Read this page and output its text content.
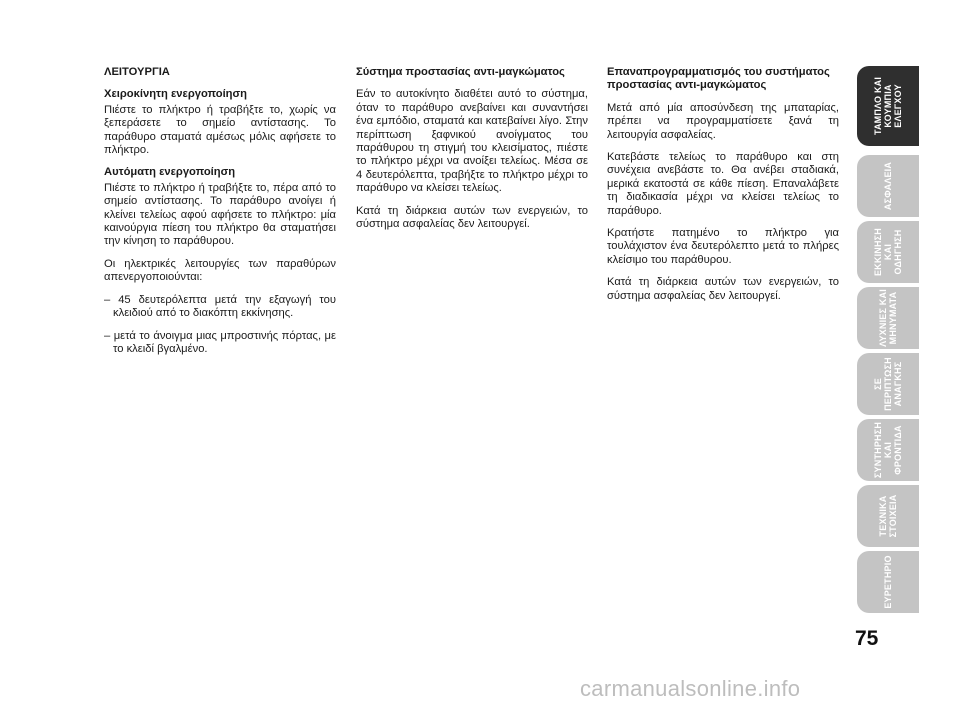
ΛΕΙΤΟΥΡΓΙΑ
Χειροκίνητη ενεργοποίηση

Πιέστε το πλήκτρο ή τραβήξτε το, χωρίς να ξεπεράσετε το σημείο αντίστασης. Το παράθυρο σταματά αμέσως μόλις αφήσετε το πλήκτρο.

Αυτόματη ενεργοποίηση

Πιέστε το πλήκτρο ή τραβήξτε το, πέρα από το σημείο αντίστασης. Το παράθυρο ανοίγει ή κλείνει τελείως αφού αφήσετε το πλήκτρο: μία καινούργια πίεση του πλήκτρο θα σταματήσει την κίνηση το παράθυρου.

Οι ηλεκτρικές λειτουργίες των παραθύρων απενεργοποιούνται:

– 45 δευτερόλεπτα μετά την εξαγωγή του κλειδιού από το διακόπτη εκκίνησης.

– μετά το άνοιγμα μιας μπροστινής πόρτας, με το κλειδί βγαλμένο.

Σύστημα προστασίας αντι-μαγκώματος

Εάν το αυτοκίνητο διαθέτει αυτό το σύστημα, όταν το παράθυρο ανεβαίνει και συναντήσει ένα εμπόδιο, σταματά και κατεβαίνει λίγο. Στην περίπτωση ξαφνικού ανοίγματος του παράθυρου τη στιγμή του κλεισίματος, πιέστε το πλήκτρο μέχρι να ανοίξει τελείως. Μέσα σε 4 δευτερόλεπτα, τραβήξτε το πλήκτρο μέχρι το παράθυρο να κλείσει τελείως.

Κατά τη διάρκεια αυτών των ενεργειών, το σύστημα ασφαλείας δεν λειτουργεί.

Επαναπρογραμματισμός του συστήματος προστασίας αντι-μαγκώματος

Μετά από μία αποσύνδεση της μπαταρίας, πρέπει να προγραμματίσετε ξανά τη λειτουργία ασφαλείας.

Κατεβάστε τελείως το παράθυρο και στη συνέχεια ανεβάστε το. Θα ανέβει σταδιακά, μερικά εκατοστά σε κάθε πίεση. Επαναλάβετε τη διαδικασία μέχρι να κλείσει τελείως το παράθυρο.

Κρατήστε πατημένο το πλήκτρο για τουλάχιστον ένα δευτερόλεπτο μετά το πλήρες κλείσιμο του παράθυρου.

Κατά τη διάρκεια αυτών των ενεργειών, το σύστημα ασφαλείας δεν λειτουργεί.

ΤΑΜΠΛΟ ΚΑΙ
ΚΟΥΜΠΙΑ
ΕΛΕΓΧΟΥ
ΑΣΦΑΛΕΙΑ
ΕΚΚΙΝΗΣΗ
ΚΑΙ ΟΔΗΓΗΣΗ
ΛΥΧΝΙΕΣ ΚΑΙ
ΜΗΝΥΜΑΤΑ
ΣΕ ΠΕΡΙΠΤΩΣΗ
ΑΝΑΓΚΗΣ
ΣΥΝΤΗΡΗΣΗ
ΚΑΙ ΦΡΟΝΤΙΔΑ
ΤΕΧΝΙΚΑ
ΣΤΟΙΧΕΙΑ
ΕΥΡΕΤΗΡΙΟ
75
carmanualsonline.info
